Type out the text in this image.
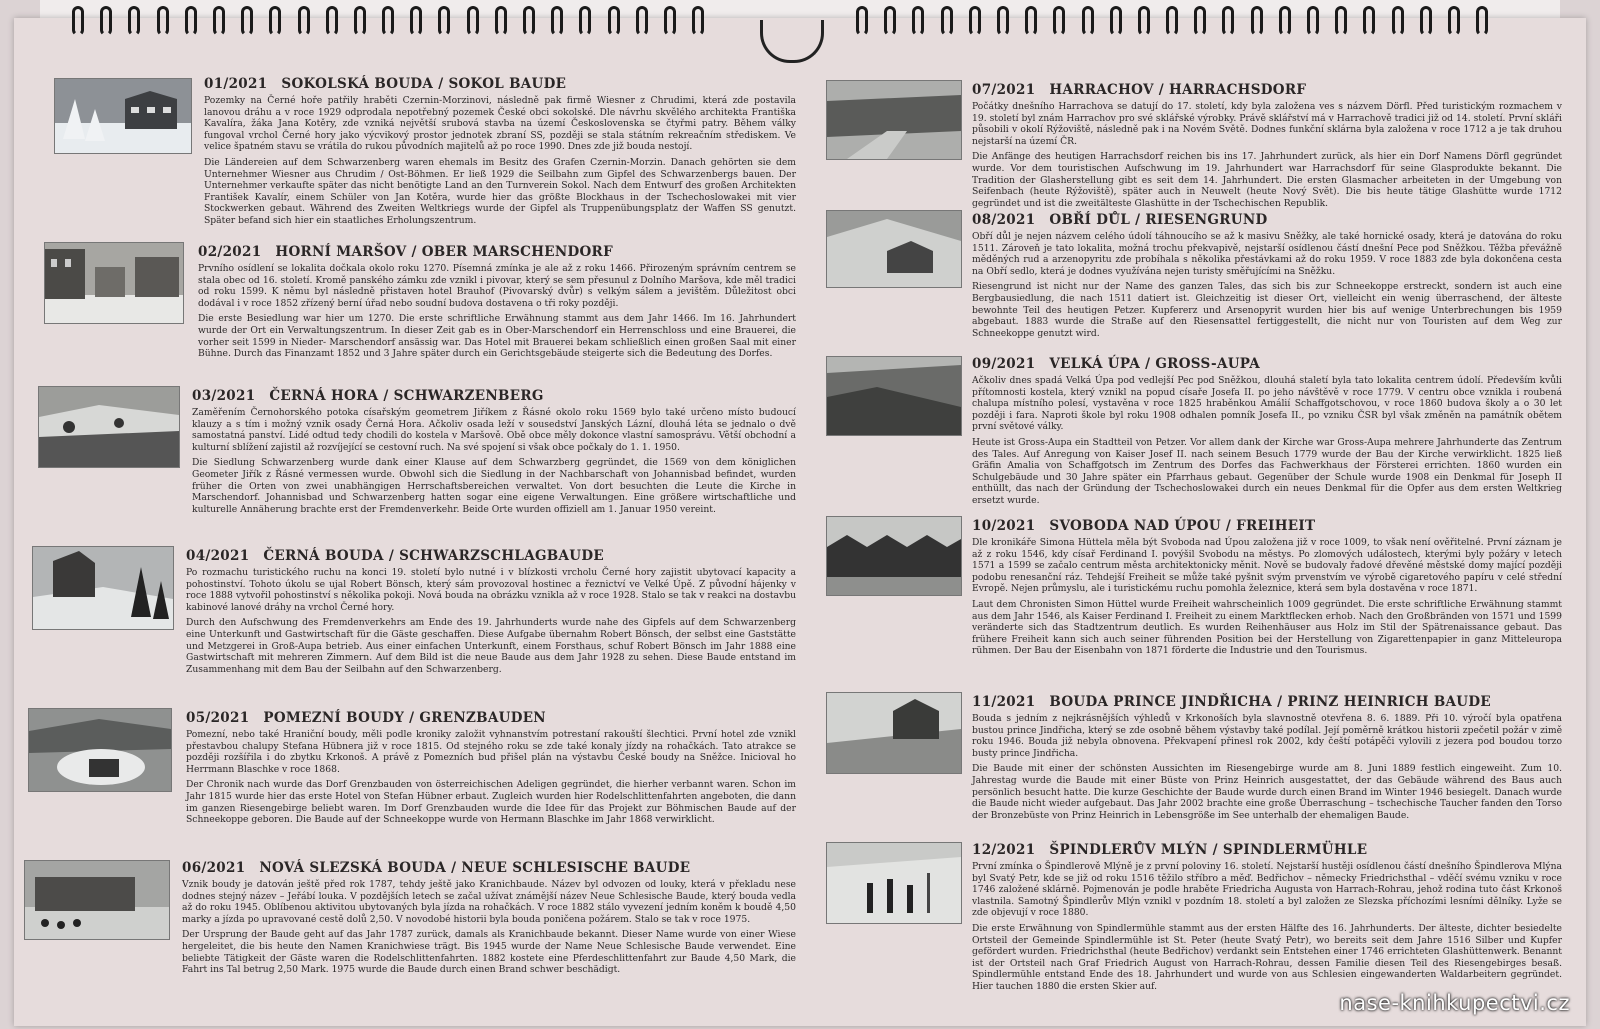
01/2021 SOKOLSKÁ BOUDA / SOKOL BAUDE

Pozemky na Černé hoře patřily hraběti Czernin-Morzinovi, následně pak firmě Wiesner z Chrudimi, která zde postavila lanovou dráhu a v roce 1929 odprodala nepotřebný pozemek České obci sokolské. Dle návrhu skvělého architekta Františka Kavalíra, žáka Jana Kotěry, zde vzniká největší srubová stavba na území Československa se čtyřmi patry. Během války fungoval vrchol Černé hory jako výcvikový prostor jednotek zbraní SS, později se stala státním rekreačním střediskem. Ve velice špatném stavu se vrátila do rukou původních majitelů až po roce 1990. Dnes zde již bouda nestojí.

Die Ländereien auf dem Schwarzenberg waren ehemals im Besitz des Grafen Czernin-Morzin. Danach gehörten sie dem Unternehmer Wiesner aus Chrudim / Ost-Böhmen. Er ließ 1929 die Seilbahn zum Gipfel des Schwarzenbergs bauen. Der Unternehmer verkaufte später das nicht benötigte Land an den Turnverein Sokol. Nach dem Entwurf des großen Architekten František Kavalír, einem Schüler von Jan Kotěra, wurde hier das größte Blockhaus in der Tschechoslowakei mit vier Stockwerken gebaut. Während des Zweiten Weltkriegs wurde der Gipfel als Truppenübungsplatz der Waffen SS genutzt. Später befand sich hier ein staatliches Erholungszentrum.

02/2021 HORNÍ MARŠOV / OBER MARSCHENDORF

Prvního osídlení se lokalita dočkala okolo roku 1270. Písemná zmínka je ale až z roku 1466. Přirozeným správním centrem se stala obec od 16. století. Kromě panského zámku zde vznikl i pivovar, který se sem přesunul z Dolního Maršova, kde měl tradici od roku 1599. K němu byl následně přistaven hotel Brauhof (Pivovarský dvůr) s velkým sálem a jevištěm. Důležitost obci dodával i v roce 1852 zřízený berní úřad nebo soudní budova dostavena o tři roky později.

Die erste Besiedlung war hier um 1270. Die erste schriftliche Erwähnung stammt aus dem Jahr 1466. Im 16. Jahrhundert wurde der Ort ein Verwaltungszentrum. In dieser Zeit gab es in Ober-Marschendorf ein Herrenschloss und eine Brauerei, die vorher seit 1599 in Nieder- Marschendorf ansässig war. Das Hotel mit Brauerei bekam schließlich einen großen Saal mit einer Bühne. Durch das Finanzamt 1852 und 3 Jahre später durch ein Gerichtsgebäude steigerte sich die Bedeutung des Dorfes.

03/2021 ČERNÁ HORA / SCHWARZENBERG

Zaměřením Černohorského potoka císařským geometrem Jiříkem z Řásné okolo roku 1569 bylo také určeno místo budoucí klauzy a s tím i možný vznik osady Černá Hora. Ačkoliv osada leží v sousedství Janských Lázní, dlouhá léta se jednalo o dvě samostatná panství. Lidé odtud tedy chodili do kostela v Maršově. Obě obce měly dokonce vlastní samosprávu. Větší obchodní a kulturní sblížení zajistil až rozvíjející se cestovní ruch. Na své spojení si však obce počkaly do 1. 1. 1950.

Die Siedlung Schwarzenberg wurde dank einer Klause auf dem Schwarzberg gegründet, die 1569 von dem königlichen Geometer Jiřík z Řásné vermessen wurde. Obwohl sich die Siedlung in der Nachbarschaft von Johannisbad befindet, wurden früher die Orten von zwei unabhängigen Herrschaftsbereichen verwaltet. Von dort besuchten die Leute die Kirche in Marschendorf. Johannisbad und Schwarzenberg hatten sogar eine eigene Verwaltungen. Eine größere wirtschaftliche und kulturelle Annäherung brachte erst der Fremdenverkehr. Beide Orte wurden offiziell am 1. Januar 1950 vereint.

04/2021 ČERNÁ BOUDA / SCHWARZSCHLAGBAUDE

Po rozmachu turistického ruchu na konci 19. století bylo nutné i v blízkosti vrcholu Černé hory zajistit ubytovací kapacity a pohostinství. Tohoto úkolu se ujal Robert Bönsch, který sám provozoval hostinec a řeznictví ve Velké Úpě. Z původní hájenky v roce 1888 vytvořil pohostinství s několika pokoji. Nová bouda na obrázku vznikla až v roce 1928. Stalo se tak v reakci na dostavbu kabinové lanové dráhy na vrchol Černé hory.

Durch den Aufschwung des Fremdenverkehrs am Ende des 19. Jahrhunderts wurde nahe des Gipfels auf dem Schwarzenberg eine Unterkunft und Gastwirtschaft für die Gäste geschaffen. Diese Aufgabe übernahm Robert Bönsch, der selbst eine Gaststätte und Metzgerei in Groß-Aupa betrieb. Aus einer einfachen Unterkunft, einem Forsthaus, schuf Robert Bönsch im Jahr 1888 eine Gastwirtschaft mit mehreren Zimmern. Auf dem Bild ist die neue Baude aus dem Jahr 1928 zu sehen. Diese Baude entstand im Zusammenhang mit dem Bau der Seilbahn auf den Schwarzenberg.

05/2021 POMEZNÍ BOUDY / GRENZBAUDEN

Pomezní, nebo také Hraniční boudy, měli podle kroniky založit vyhnanstvím potrestaní rakouští šlechtici. První hotel zde vznikl přestavbou chalupy Stefana Hübnera již v roce 1815. Od stejného roku se zde také konaly jízdy na rohačkách. Tato atrakce se později rozšířila i do zbytku Krkonoš. A právě z Pomezních bud přišel plán na výstavbu České boudy na Sněžce. Inicioval ho Herrmann Blaschke v roce 1868.

Der Chronik nach wurde das Dorf Grenzbauden von österreichischen Adeligen gegründet, die hierher verbannt waren. Schon im Jahr 1815 wurde hier das erste Hotel von Stefan Hübner erbaut. Zugleich wurden hier Rodelschlittenfahrten angeboten, die dann im ganzen Riesengebirge beliebt waren. Im Dorf Grenzbauden wurde die Idee für das Projekt zur Böhmischen Baude auf der Schneekoppe geboren. Die Baude auf der Schneekoppe wurde von Hermann Blaschke im Jahr 1868 verwirklicht.

06/2021 NOVÁ SLEZSKÁ BOUDA / NEUE SCHLESISCHE BAUDE

Vznik boudy je datován ještě před rok 1787, tehdy ještě jako Kranichbaude. Název byl odvozen od louky, která v překladu nese dodnes stejný název – Jeřábí louka. V pozdějších letech se začal užívat známější název Neue Schlesische Baude, který bouda vedla až do roku 1945. Oblíbenou aktivitou ubytovaných byla jízda na rohačkách. V roce 1882 stálo vyvezení jedním koněm k boudě 4,50 marky a jízda po upravované cestě dolů 2,50. V novodobé historii byla bouda poničena požárem. Stalo se tak v roce 1975.

Der Ursprung der Baude geht auf das Jahr 1787 zurück, damals als Kranichbaude bekannt. Dieser Name wurde von einer Wiese hergeleitet, die bis heute den Namen Kranichwiese trägt. Bis 1945 wurde der Name Neue Schlesische Baude verwendet. Eine beliebte Tätigkeit der Gäste waren die Rodelschlittenfahrten. 1882 kostete eine Pferdeschlittenfahrt zur Baude 4,50 Mark, die Fahrt ins Tal betrug 2,50 Mark. 1975 wurde die Baude durch einen Brand schwer beschädigt.

07/2021 HARRACHOV / HARRACHSDORF

Počátky dnešního Harrachova se datují do 17. století, kdy byla založena ves s názvem Dörfl. Před turistickým rozmachem v 19. století byl znám Harrachov pro své sklářské výrobky. Právě sklářství má v Harrachově tradici již od 14. století. První skláři působili v okolí Rýžoviště, následně pak i na Novém Světě. Dodnes funkční sklárna byla založena v roce 1712 a je tak druhou nejstarší na území ČR.

Die Anfänge des heutigen Harrachsdorf reichen bis ins 17. Jahrhundert zurück, als hier ein Dorf Namens Dörfl gegründet wurde. Vor dem touristischen Aufschwung im 19. Jahrhundert war Harrachsdorf für seine Glasprodukte bekannt. Die Tradition der Glasherstellung gibt es seit dem 14. Jahrhundert. Die ersten Glasmacher arbeiteten in der Umgebung von Seifenbach (heute Rýžoviště), später auch in Neuwelt (heute Nový Svět). Die bis heute tätige Glashütte wurde 1712 gegründet und ist die zweitälteste Glashütte in der Tschechischen Republik.

08/2021 OBŘÍ DŮL / RIESENGRUND

Obří důl je nejen názvem celého údolí táhnoucího se až k masivu Sněžky, ale také hornické osady, která je datována do roku 1511. Zároveň je tato lokalita, možná trochu překvapivě, nejstarší osídlenou částí dnešní Pece pod Sněžkou. Těžba převážně měděných rud a arzenopyritu zde probíhala s několika přestávkami až do roku 1959. V roce 1883 zde byla dokončena cesta na Obří sedlo, která je dodnes využívána nejen turisty směřujícími na Sněžku.

Riesengrund ist nicht nur der Name des ganzen Tales, das sich bis zur Schneekoppe erstreckt, sondern ist auch eine Bergbausiedlung, die nach 1511 datiert ist. Gleichzeitig ist dieser Ort, vielleicht ein wenig überraschend, der älteste bewohnte Teil des heutigen Petzer. Kupfererz und Arsenopyrit wurden hier bis auf wenige Unterbrechungen bis 1959 abgebaut. 1883 wurde die Straße auf den Riesensattel fertiggestellt, die nicht nur von Touristen auf dem Weg zur Schneekoppe genutzt wird.

09/2021 VELKÁ ÚPA / GROSS-AUPA

Ačkoliv dnes spadá Velká Úpa pod vedlejší Pec pod Sněžkou, dlouhá staletí byla tato lokalita centrem údolí. Především kvůli přítomnosti kostela, který vznikl na popud císaře Josefa II. po jeho návštěvě v roce 1779. V centru obce vznikla i roubená chalupa místního polesí, vystavěna v roce 1825 hraběnkou Amálií Schaffgotschovou, v roce 1860 budova školy a o 30 let později i fara. Naproti škole byl roku 1908 odhalen pomník Josefa II., po vzniku ČSR byl však změněn na památník obětem první světové války.

Heute ist Gross-Aupa ein Stadtteil von Petzer. Vor allem dank der Kirche war Gross-Aupa mehrere Jahrhunderte das Zentrum des Tales. Auf Anregung von Kaiser Josef II. nach seinem Besuch 1779 wurde der Bau der Kirche verwirklicht. 1825 ließ Gräfin Amalia von Schaffgotsch im Zentrum des Dorfes das Fachwerkhaus der Försterei errichten. 1860 wurden ein Schulgebäude und 30 Jahre später ein Pfarrhaus gebaut. Gegenüber der Schule wurde 1908 ein Denkmal für Joseph II enthüllt, das nach der Gründung der Tschechoslowakei durch ein neues Denkmal für die Opfer aus dem ersten Weltkrieg ersetzt wurde.

10/2021 SVOBODA NAD ÚPOU / FREIHEIT

Dle kronikáře Simona Hüttela měla být Svoboda nad Úpou založena již v roce 1009, to však není ověřitelné. První záznam je až z roku 1546, kdy císař Ferdinand I. povýšil Svobodu na městys. Po zlomových událostech, kterými byly požáry v letech 1571 a 1599 se začalo centrum města architektonicky měnit. Nově se budovaly řadové dřevěné městské domy mající později podobu renesanční ráz. Tehdejší Freiheit se může také pyšnit svým prvenstvím ve výrobě cigaretového papíru v celé střední Evropě. Nejen průmyslu, ale i turistickému ruchu pomohla železnice, která sem byla dostavěna v roce 1871.

Laut dem Chronisten Simon Hüttel wurde Freiheit wahrscheinlich 1009 gegründet. Die erste schriftliche Erwähnung stammt aus dem Jahr 1546, als Kaiser Ferdinand I. Freiheit zu einem Marktflecken erhob. Nach den Großbränden von 1571 und 1599 veränderte sich das Stadtzentrum deutlich. Es wurden Reihenhäuser aus Holz im Stil der Spätrenaissance gebaut. Das frühere Freiheit kann sich auch seiner führenden Position bei der Herstellung von Zigarettenpapier in ganz Mitteleuropa rühmen. Der Bau der Eisenbahn von 1871 förderte die Industrie und den Tourismus.

11/2021 BOUDA PRINCE JINDŘICHA / PRINZ HEINRICH BAUDE

Bouda s jedním z nejkrásnějších výhledů v Krkonoších byla slavnostně otevřena 8. 6. 1889. Při 10. výročí byla opatřena bustou prince Jindřicha, který se zde osobně během výstavby také podílal. Její poměrně krátkou historii zpečetil požár v zimě roku 1946. Bouda již nebyla obnovena. Překvapení přinesl rok 2002, kdy čeští potápěči vylovili z jezera pod boudou torzo busty prince Jindřicha.

Die Baude mit einer der schönsten Aussichten im Riesengebirge wurde am 8. Juni 1889 festlich eingeweiht. Zum 10. Jahrestag wurde die Baude mit einer Büste von Prinz Heinrich ausgestattet, der das Gebäude während des Baus auch persönlich besucht hatte. Die kurze Geschichte der Baude wurde durch einen Brand im Winter 1946 besiegelt. Danach wurde die Baude nicht wieder aufgebaut. Das Jahr 2002 brachte eine große Überraschung – tschechische Taucher fanden den Torso der Bronzebüste von Prinz Heinrich in Lebensgröße im See unterhalb der ehemaligen Baude.

12/2021 ŠPINDLERŮV MLÝN / SPINDLERMÜHLE

První zmínka o Špindlerově Mlýně je z první poloviny 16. století. Nejstarší hustěji osídlenou částí dnešního Špindlerova Mlýna byl Svatý Petr, kde se již od roku 1516 těžilo stříbro a měď. Bedřichov – německy Friedrichsthal – vděčí svému vzniku v roce 1746 založené sklárně. Pojmenován je podle hraběte Friedricha Augusta von Harrach-Rohrau, jehož rodina tuto část Krkonoš vlastnila. Samotný Špindlerův Mlýn vznikl v pozdním 18. století a byl založen ze Slezska příchozími lesními dělníky. Lyže se zde objevují v roce 1880.

Die erste Erwähnung von Spindlermühle stammt aus der ersten Hälfte des 16. Jahrhunderts. Der älteste, dichter besiedelte Ortsteil der Gemeinde Spindlermühle ist St. Peter (heute Svatý Petr), wo bereits seit dem Jahre 1516 Silber und Kupfer gefördert wurden. Friedrichsthal (heute Bedřichov) verdankt sein Entstehen einer 1746 errichteten Glashüttenwerk. Benannt ist der Ortsteil nach Graf Friedrich August von Harrach-Rohrau, dessen Familie diesen Teil des Riesengebirges besaß. Spindlermühle entstand Ende des 18. Jahrhundert und wurde von aus Schlesien eingewanderten Waldarbeitern gegründet. Hier tauchen 1880 die ersten Skier auf.

nase-knihkupectvi.cz
